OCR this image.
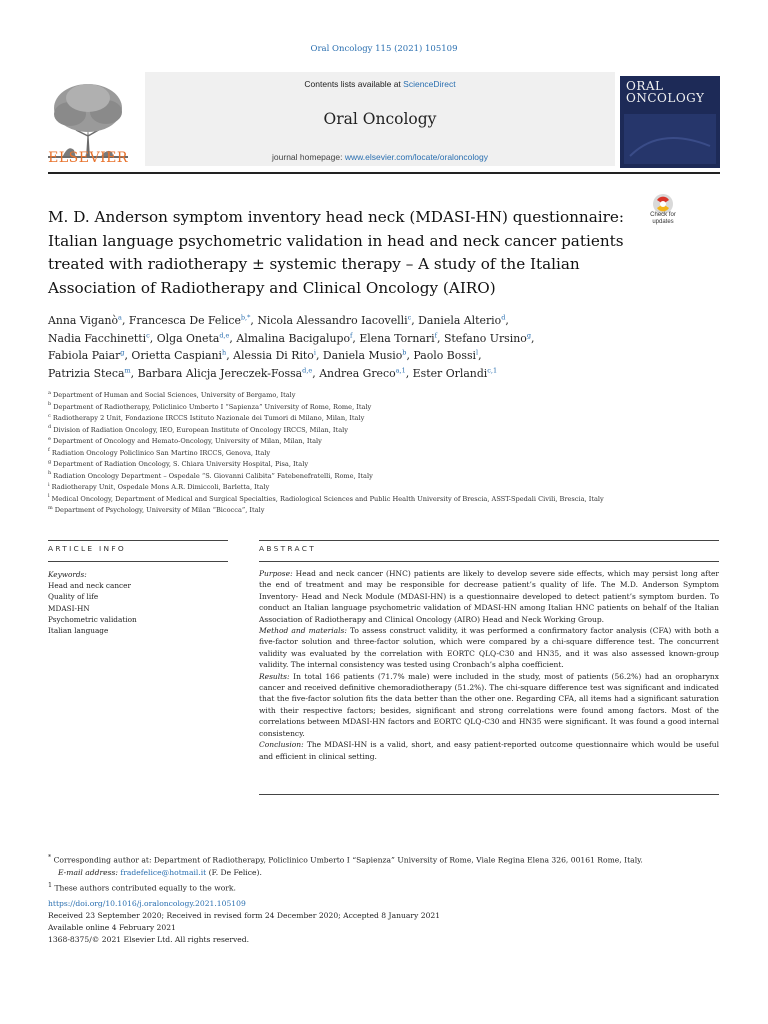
Oral Oncology 115 (2021) 105109
ELSEVIER
Contents lists available at ScienceDirect
Oral Oncology
journal homepage: www.elsevier.com/locate/oraloncology
ORAL
ONCOLOGY
Check for
updates
M. D. Anderson symptom inventory head neck (MDASI-HN) questionnaire:
Italian language psychometric validation in head and neck cancer patients
treated with radiotherapy ± systemic therapy – A study of the Italian
Association of Radiotherapy and Clinical Oncology (AIRO)
Anna Viganò$^a$, Francesca De Felice$^{b,*}$, Nicola Alessandro Iacovelli$^c$, Daniela Alterio$^d$,
Nadia Facchinetti$^c$, Olga Oneta$^{d,e}$, Almalina Bacigalupo$^f$, Elena Tornari$^f$, Stefano Ursino$^g$,
Fabiola Paiar$^g$, Orietta Caspiani$^h$, Alessia Di Rito$^i$, Daniela Musio$^b$, Paolo Bossi$^l$,
Patrizia Steca$^m$, Barbara Alicja Jereczek-Fossa$^{d,e}$, Andrea Greco$^{a,1}$, Ester Orlandi$^{c,1}$
$^a$ Department of Human and Social Sciences, University of Bergamo, Italy
$^b$ Department of Radiotherapy, Policlinico Umberto I “Sapienza” University of Rome, Rome, Italy
$^c$ Radiotherapy 2 Unit, Fondazione IRCCS Istituto Nazionale dei Tumori di Milano, Milan, Italy
$^d$ Division of Radiation Oncology, IEO, European Institute of Oncology IRCCS, Milan, Italy
$^e$ Department of Oncology and Hemato-Oncology, University of Milan, Milan, Italy
$^f$ Radiation Oncology Policlinico San Martino IRCCS, Genova, Italy
$^g$ Department of Radiation Oncology, S. Chiara University Hospital, Pisa, Italy
$^h$ Radiation Oncology Department – Ospedale “S. Giovanni Calibita” Fatebenefratelli, Rome, Italy
$^i$ Radiotherapy Unit, Ospedale Mons A.R. Dimiccoli, Barletta, Italy
$^l$ Medical Oncology, Department of Medical and Surgical Specialties, Radiological Sciences and Public Health University of Brescia, ASST-Spedali Civili, Brescia, Italy
$^m$ Department of Psychology, University of Milan “Bicocca”, Italy
ARTICLE INFO
Keywords:
Head and neck cancer
Quality of life
MDASI-HN
Psychometric validation
Italian language
ABSTRACT

Purpose: Head and neck cancer (HNC) patients are likely to develop severe side effects, which may persist long after the end of treatment and may be responsible for decrease patient’s quality of life. The M.D. Anderson Symptom Inventory- Head and Neck Module (MDASI-HN) is a questionnaire developed to detect patient’s symptom burden. To conduct an Italian language psychometric validation of MDASI-HN among Italian HNC patients on behalf of the Italian Association of Radiotherapy and Clinical Oncology (AIRO) Head and Neck Working Group.

Method and materials: To assess construct validity, it was performed a confirmatory factor analysis (CFA) with both a five-factor solution and three-factor solution, which were compared by a chi-square difference test. The concurrent validity was evaluated by the correlation with EORTC QLQ-C30 and HN35, and it was also assessed known-group validity. The internal consistency was tested using Cronbach’s alpha coefficient.

Results: In total 166 patients (71.7% male) were included in the study, most of patients (56.2%) had an oropharynx cancer and received definitive chemoradiotherapy (51.2%). The chi-square difference test was significant and indicated that the five-factor solution fits the data better than the other one. Regarding CFA, all items had a significant saturation with their respective factors; besides, significant and strong correlations were found among factors. Most of the correlations between MDASI-HN factors and EORTC QLQ-C30 and HN35 were significant. It was found a good internal consistency.

Conclusion: The MDASI-HN is a valid, short, and easy patient-reported outcome questionnaire which would be useful and efficient in clinical setting.

* Corresponding author at: Department of Radiotherapy, Policlinico Umberto I “Sapienza” University of Rome, Viale Regina Elena 326, 00161 Rome, Italy.
E-mail address: fradefelice@hotmail.it (F. De Felice).
$^1$ These authors contributed equally to the work.
https://doi.org/10.1016/j.oraloncology.2021.105109
Received 23 September 2020; Received in revised form 24 December 2020; Accepted 8 January 2021
Available online 4 February 2021
1368-8375/© 2021 Elsevier Ltd. All rights reserved.
